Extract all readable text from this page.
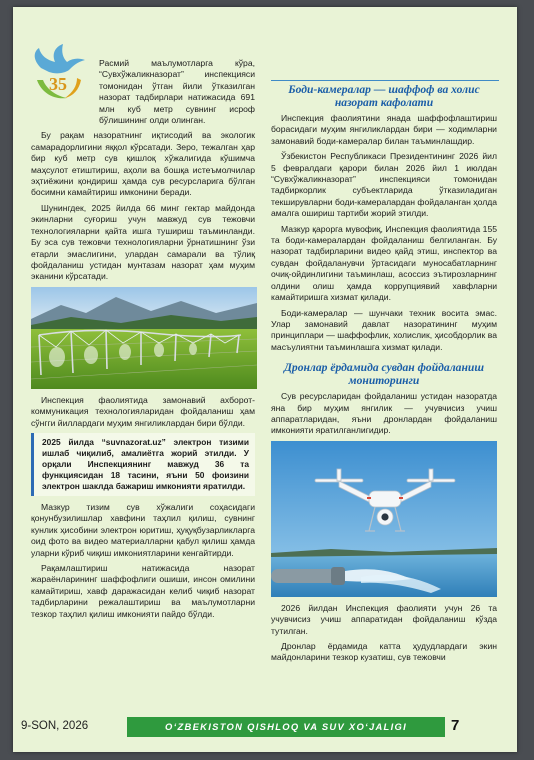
35

Расмий маълумотларга кўра, “Сувхўжаликназорат” инспекцияси томонидан ўтган йили ўтказилган назорат тадбирлари натижасида 691 млн куб метр сувнинг исроф бўлишининг олди олинган.

Бу рақам назоратнинг иқтисодий ва экологик самарадорлигини яққол кўрсатади. Зеро, тежалган ҳар бир куб метр сув қишлоқ хўжалигида кўшимча маҳсулот етиштириш, аҳоли ва бошқа истеъмолчилар эҳтиёжини қондириш ҳамда сув ресурсларига бўлган босимни камайтириш имконини беради.

Шунингдек, 2025 йилда 66 минг гектар майдонда экинларни суғориш учун мавжуд сув тежовчи технологияларни қайта ишга тушириш таъминланди. Бу эса сув тежовчи технологияларни ўрнатишнинг ўзи етарли эмаслигини, улардан самарали ва тўлиқ фойдаланиш устидан мунтазам назорат ҳам муҳим эканини кўрсатади.

Инспекция фаолиятида замонавий ахборот-коммуникация технологияларидан фойдаланиш ҳам сўнгги йиллардаги муҳим янгиликлардан бири бўлди.

2025 йилда “suvnazorat.uz” электрон тизими ишлаб чиқилиб, амалиётга жорий этилди. У орқали Инспекциянинг мавжуд 36 та функциясидан 18 тасини, яъни 50 фоизини электрон шаклда бажариш имконияти яратилди.

Мазкур тизим сув хўжалиги соҳасидаги қонунбузилишлар хавфини таҳлил қилиш, сувнинг кунлик ҳисобини электрон юритиш, ҳуқуқбузарликларга оид фото ва видео материалларни қабул қилиш ҳамда уларни кўриб чиқиш имкониятларини кенгайтирди.

Рақамлаштириш натижасида назорат жараёнларининг шаффофлиги ошиши, инсон омилини камайтириш, хавф даражасидан келиб чиқиб назорат тадбирларини режалаштириш ва маълумотларни тезкор таҳлил қилиш имконияти пайдо бўлди.

Боди-камералар — шаффоф ва холис назорат кафолати

Инспекция фаолиятини янада шаффофлаштириш борасидаги муҳим янгиликлардан бири — ходимларни замонавий боди-камералар билан таъминлашдир.

Ўзбекистон Республикаси Президентининг 2026 йил 5 февралдаги қарори билан 2026 йил 1 июлдан “Сувхўжаликназорат” инспекцияси томонидан тадбиркорлик субъектларида ўтказиладиган текширувларни боди-камералардан фойдаланган ҳолда амалга ошириш тартиби жорий этилди.

Мазкур қарорга мувофиқ, Инспекция фаолиятида 155 та боди-камералардан фойдаланиш белгиланган. Бу назорат тадбирларини видео қайд этиш, инспектор ва сувдан фойдаланувчи ўртасидаги муносабатларнинг очиқ-ойдинлигини таъминлаш, асоссиз эътирозларнинг олдини олиш ҳамда коррупциявий хавфларни камайтиришга хизмат қилади.

Боди-камералар — шунчаки техник восита эмас. Улар замонавий давлат назоратининг муҳим принциплари — шаффофлик, холислик, ҳисобдорлик ва масъулиятни таъминлашга хизмат қилади.

Дронлар ёрдамида сувдан фойдаланиш мониторинги

Сув ресурсларидан фойдаланиш устидан назоратда яна бир муҳим янгилик — учувчисиз учиш аппаратларидан, яъни дронлардан фойдаланиш имконияти яратилганлигидир.

2026 йилдан Инспекция фаолияти учун 26 та учувчисиз учиш аппаратидан фойдаланиш кўзда тутилган.

Дронлар ёрдамида катта ҳудудлардаги экин майдонларини тезкор кузатиш, сув тежовчи

9-SON, 2026	O‘ZBEKISTON QISHLOQ VA SUV XO‘JALIGI	7
